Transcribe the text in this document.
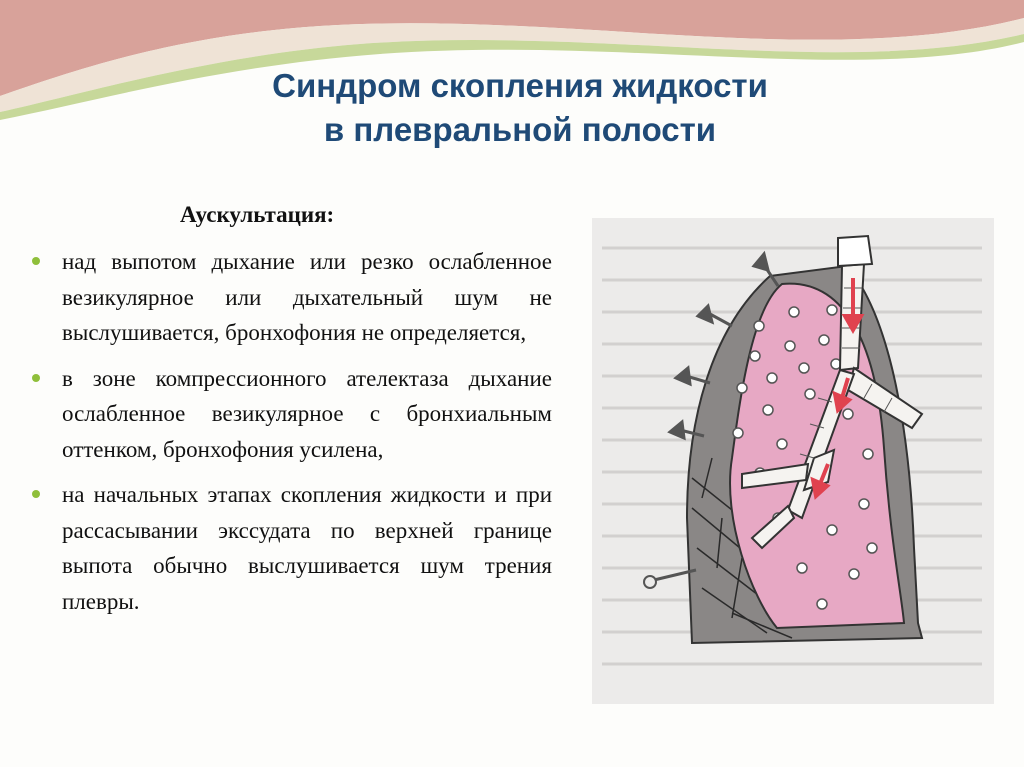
Синдром скопления жидкости
в плевральной полости
Аускультация:
над выпотом дыхание или резко ослабленное везикулярное или дыхательный шум не выслушивается, бронхофония не определяется,
в зоне компрессионного ателектаза дыхание ослабленное везикулярное с бронхиальным оттенком, бронхофония усилена,
на начальных этапах скопления жидкости и при рассасывании экссудата по верхней границе выпота обычно выслушивается шум трения плевры.
